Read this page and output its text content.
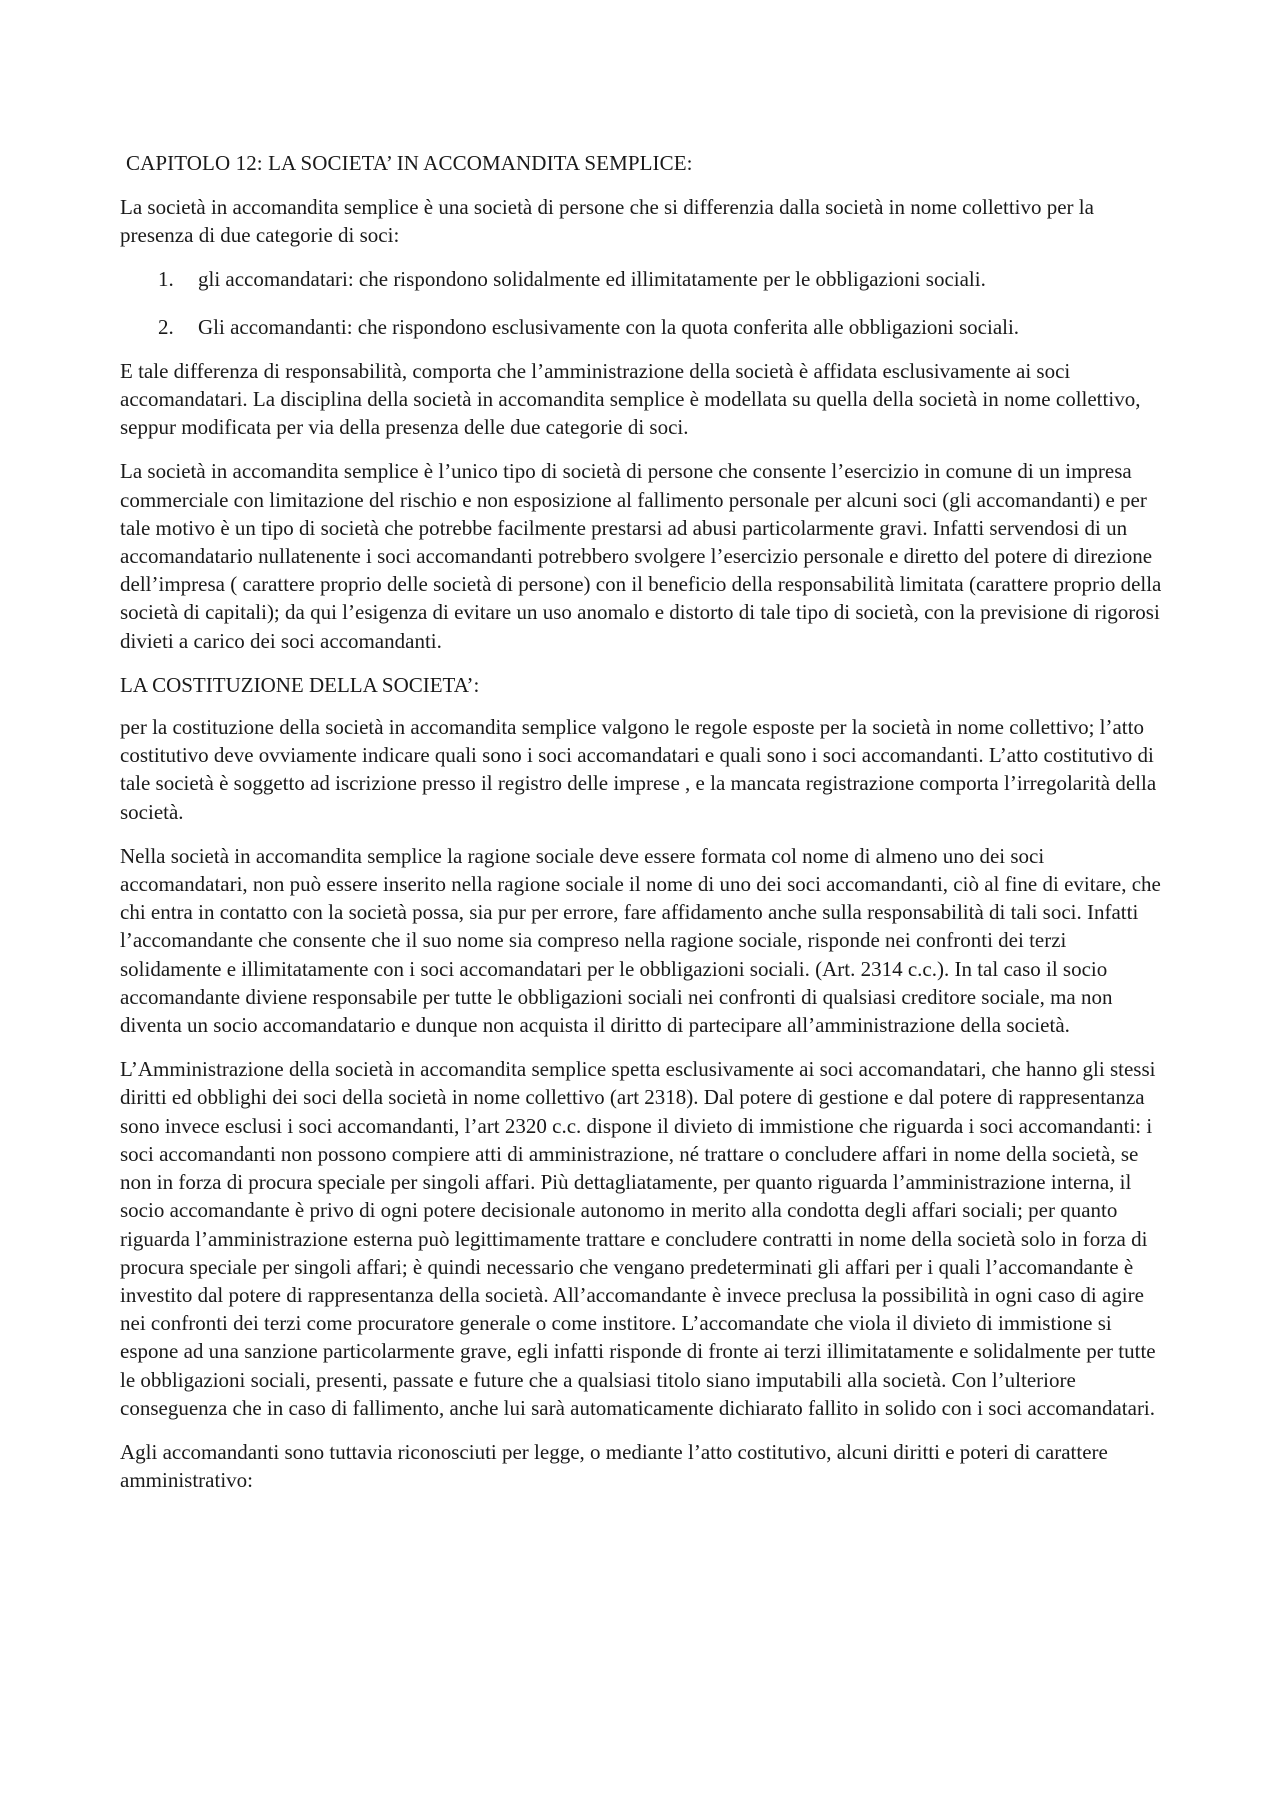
CAPITOLO 12: LA SOCIETA’ IN ACCOMANDITA SEMPLICE:

La società in accomandita semplice è una società di persone che si differenzia dalla società in nome collettivo per la presenza di due categorie di soci:

1. gli accomandatari: che rispondono solidalmente ed illimitatamente per le obbligazioni sociali.
2. Gli accomandanti: che rispondono esclusivamente con la quota conferita alle obbligazioni sociali.

E tale differenza di responsabilità, comporta che l’amministrazione della società è affidata esclusivamente ai soci accomandatari. La disciplina della società in accomandita semplice è modellata su quella della società in nome collettivo, seppur modificata per via della presenza delle due categorie di soci.

La società in accomandita semplice è l’unico tipo di società di persone che consente l’esercizio in comune di un impresa commerciale con limitazione del rischio e non esposizione al fallimento personale per alcuni soci (gli accomandanti) e per tale motivo è un tipo di società che potrebbe facilmente prestarsi ad abusi particolarmente gravi. Infatti servendosi di un accomandatario nullatenente i soci accomandanti potrebbero svolgere l’esercizio personale e diretto del potere di direzione dell’impresa ( carattere proprio delle società di persone) con il beneficio della responsabilità limitata (carattere proprio della società di capitali); da qui l’esigenza di evitare un uso anomalo e distorto di tale tipo di società, con la previsione di rigorosi divieti a carico dei soci accomandanti.

LA COSTITUZIONE DELLA SOCIETA’:

per la costituzione della società in accomandita semplice valgono le regole esposte per la società in nome collettivo; l’atto costitutivo deve ovviamente indicare quali sono i soci accomandatari e quali sono i soci accomandanti. L’atto costitutivo di tale società è soggetto ad iscrizione presso il registro delle imprese , e la mancata registrazione comporta l’irregolarità della società.

Nella società in accomandita semplice la ragione sociale deve essere formata col nome di almeno uno dei soci accomandatari, non può essere inserito nella ragione sociale il nome di uno dei soci accomandanti, ciò al fine di evitare, che chi entra in contatto con la società possa, sia pur per errore, fare affidamento anche sulla responsabilità di tali soci. Infatti l’accomandante che consente che il suo nome sia compreso nella ragione sociale, risponde nei confronti dei terzi solidamente e illimitatamente con i soci accomandatari per le obbligazioni sociali. (Art. 2314 c.c.). In tal caso il socio accomandante diviene responsabile per tutte le obbligazioni sociali nei confronti di qualsiasi creditore sociale, ma non diventa un socio accomandatario e dunque non acquista il diritto di partecipare all’amministrazione della società.

L’Amministrazione della società in accomandita semplice spetta esclusivamente ai soci accomandatari, che hanno gli stessi diritti ed obblighi dei soci della società in nome collettivo (art 2318). Dal potere di gestione e dal potere di rappresentanza sono invece esclusi i soci accomandanti, l’art 2320 c.c. dispone il divieto di immistione che riguarda i soci accomandanti: i soci accomandanti non possono compiere atti di amministrazione, né trattare o concludere affari in nome della società, se non in forza di procura speciale per singoli affari. Più dettagliatamente, per quanto riguarda l’amministrazione interna, il socio accomandante è privo di ogni potere decisionale autonomo in merito alla condotta degli affari sociali; per quanto riguarda l’amministrazione esterna può legittimamente trattare e concludere contratti in nome della società solo in forza di procura speciale per singoli affari; è quindi necessario che vengano predeterminati gli affari per i quali l’accomandante è investito dal potere di rappresentanza della società. All’accomandante è invece preclusa la possibilità in ogni caso di agire nei confronti dei terzi come procuratore generale o come institore. L’accomandate che viola il divieto di immistione si espone ad una sanzione particolarmente grave, egli infatti risponde di fronte ai terzi illimitatamente e solidalmente per tutte le obbligazioni sociali, presenti, passate e future che a qualsiasi titolo siano imputabili alla società. Con l’ulteriore conseguenza che in caso di fallimento, anche lui sarà automaticamente dichiarato fallito in solido con i soci accomandatari.

Agli accomandanti sono tuttavia riconosciuti per legge, o mediante l’atto costitutivo, alcuni diritti e poteri di carattere amministrativo:
